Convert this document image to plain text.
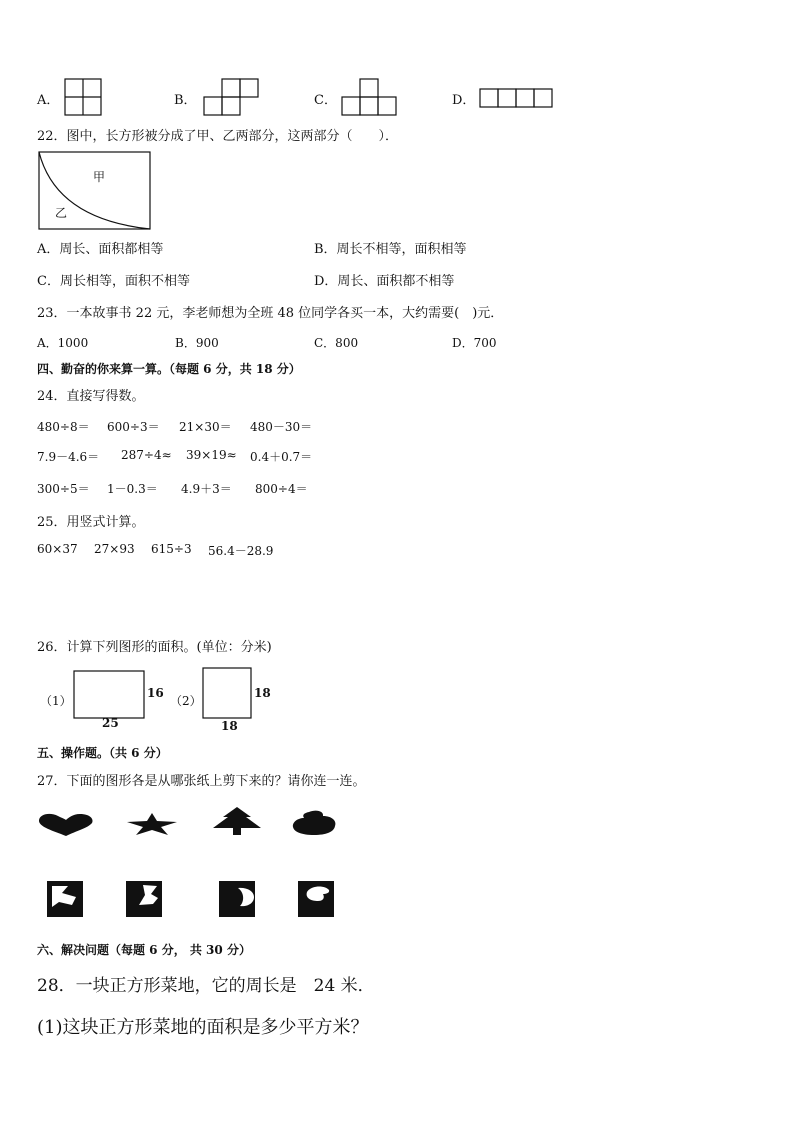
A．	B．	C．	D．
22．图中，长方形被分成了甲、乙两部分，这两部分（　　）．
甲
乙
A．周长、面积都相等	B．周长不相等，面积相等
C．周长相等，面积不相等	D．周长、面积都不相等
23．一本故事书 22 元，李老师想为全班 48 位同学各买一本，大约需要(　)元．
A．1000	B．900	C．800	D．700
四、勤奋的你来算一算。（每题 6 分，共 18 分）
24．直接写得数。
480÷8＝ 600÷3＝ 21×30＝ 480－30＝
7.9－4.6＝ 287÷4≈ 39×19≈ 0.4＋0.7＝
300÷5＝ 1－0.3＝ 4.9＋3＝ 800÷4＝
25．用竖式计算。
60×37 27×93 615÷3 56.4－28.9
26．计算下列图形的面积。(单位：分米)
（1）
16
25
（2）
18
18
五、操作题。（共 6 分）
27．下面的图形各是从哪张纸上剪下来的？请你连一连。
六、解决问题（每题 6 分， 共 30 分）
28．一块正方形菜地，它的周长是　24 米．
(1)这块正方形菜地的面积是多少平方米？
